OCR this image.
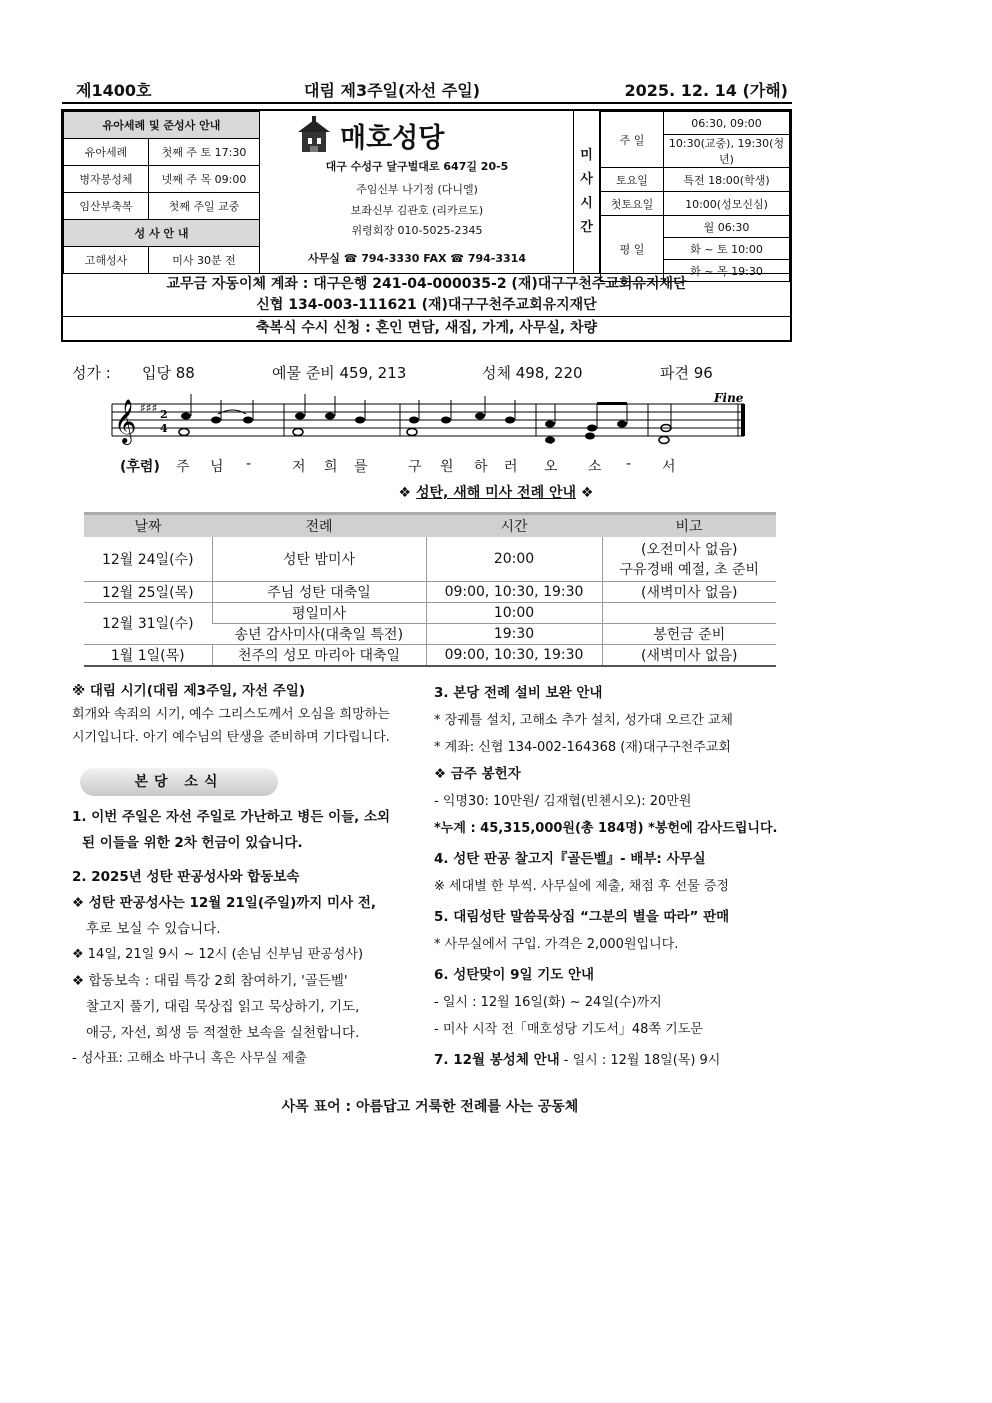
제1400호	대림 제3주일(자선 주일)	2025. 12. 14 (가해)
유아세례 및 준성사 안내	
유아세례	첫째 주 토 17:30
병자봉성체	넷째 주 목 09:00
임산부축복	첫째 주일 교중
성 사 안 내	
고해성사	미사 30분 전
매호성당
대구 수성구 달구벌대로 647길 20-5
주임신부 나기정 (다니엘)
보좌신부 김관호 (리카르도)
위령회장 010-5025-2345
사무실 ☎ 794-3330 FAX ☎ 794-3314
미
사
시
간
주 일	06:30, 09:00
	10:30(교중), 19:30(청년)
토요일	특전 18:00(학생)
첫토요일	10:00(성모신심)
평 일	월 06:30
	화 ~ 토 10:00
	화 ~ 목 19:30
교무금 자동이체 계좌 : 대구은행 241-04-000035-2 (재)대구구천주교회유지재단
신협 134-003-111621 (재)대구구천주교회유지재단
축복식 수시 신청 : 혼인 면담, 새집, 가게, 사무실, 차량
성가 : 입당 88	예물 준비 459, 213	성체 498, 220	파견 96
𝄞 ♯♯♯ 2
4
Fine
(후렴) 주 님 -	저 희 를	구 원 하 러 오 소 - 서
❖ 성탄, 새해 미사 전례 안내 ❖
날짜	전례	시간	비고
12월 24일(수)	성탄 밤미사	20:00	(오전미사 없음)
구유경배 예절, 초 준비

12월 25일(목)	주님 성탄 대축일	09:00, 10:30, 19:30	(새벽미사 없음)
12월 31일(수)	평일미사	10:00	
	송년 감사미사(대축일 특전)	19:30	봉헌금 준비
1월 1일(목)	천주의 성모 마리아 대축일	09:00, 10:30, 19:30	(새벽미사 없음)
※ 대림 시기(대림 제3주일, 자선 주일)
회개와 속죄의 시기, 예수 그리스도께서 오심을 희망하는
시기입니다. 아기 예수님의 탄생을 준비하며 기다립니다.
본당 소식
1. 이번 주일은 자선 주일로 가난하고 병든 이들, 소외
된 이들을 위한 2차 헌금이 있습니다.
2. 2025년 성탄 판공성사와 합동보속
❖ 성탄 판공성사는 12월 21일(주일)까지 미사 전,
후로 보실 수 있습니다.
❖ 14일, 21일 9시 ~ 12시 (손님 신부님 판공성사)
❖ 합동보속 : 대림 특강 2회 참여하기, '골든벨'
찰고지 풀기, 대림 묵상집 읽고 묵상하기, 기도,
애긍, 자선, 희생 등 적절한 보속을 실천합니다.
- 성사표: 고해소 바구니 혹은 사무실 제출
3. 본당 전례 설비 보완 안내
* 장궤틀 설치, 고해소 추가 설치, 성가대 오르간 교체
* 계좌: 신협 134-002-164368 (재)대구구천주교회
❖ 금주 봉헌자
- 익명30: 10만원/ 김재협(빈첸시오): 20만원
*누계 : 45,315,000원(총 184명) *봉헌에 감사드립니다.
4. 성탄 판공 찰고지『골든벨』- 배부: 사무실
※ 세대별 한 부씩. 사무실에 제출, 채점 후 선물 증정
5. 대림성탄 말씀묵상집 “그분의 별을 따라” 판매
* 사무실에서 구입. 가격은 2,000원입니다.
6. 성탄맞이 9일 기도 안내
- 일시 : 12월 16일(화) ~ 24일(수)까지
- 미사 시작 전「매호성당 기도서」48쪽 기도문
7. 12월 봉성체 안내 - 일시 : 12월 18일(목) 9시
사목 표어 : 아름답고 거룩한 전례를 사는 공동체
